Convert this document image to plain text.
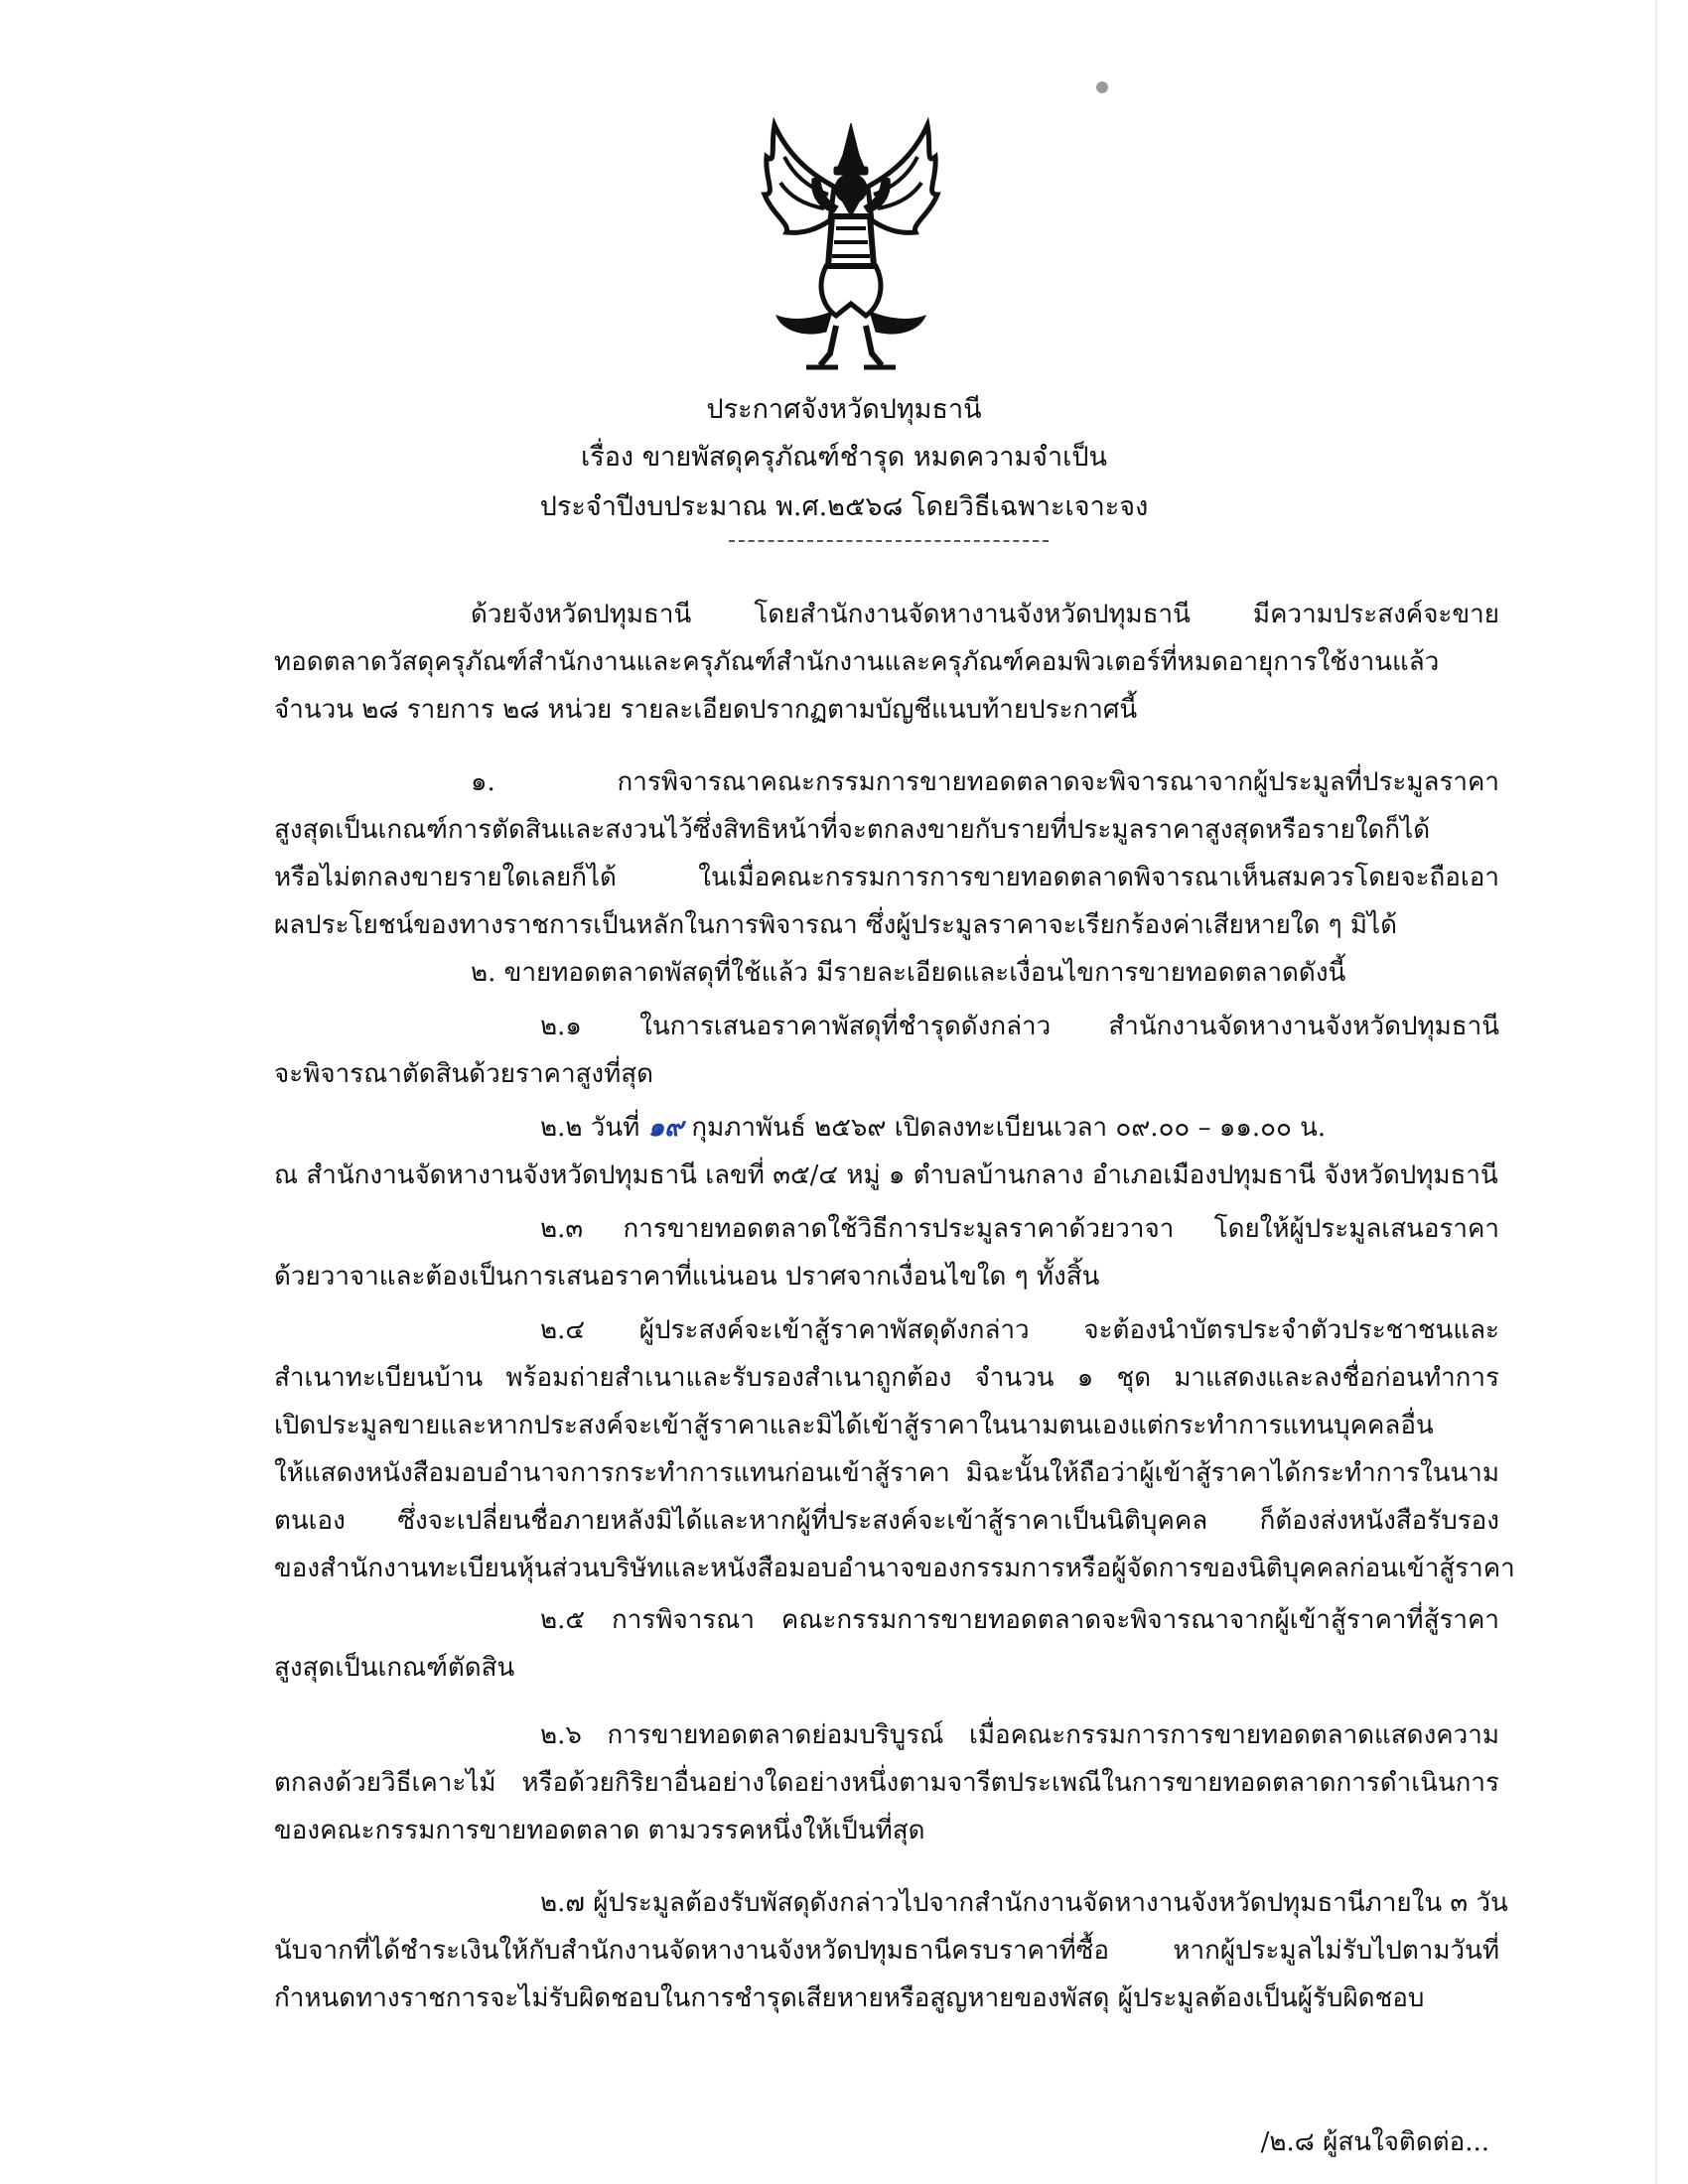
ประกาศจังหวัดปทุมธานี
เรื่อง ขายพัสดุครุภัณฑ์ชำรุด หมดความจำเป็น
ประจำปีงบประมาณ พ.ศ.๒๕๖๘ โดยวิธีเฉพาะเจาะจง
ด้วยจังหวัดปทุมธานี โดยสำนักงานจัดหางานจังหวัดปทุมธานี มีความประสงค์จะขาย
ทอดตลาดวัสดุครุภัณฑ์สำนักงานและครุภัณฑ์สำนักงานและครุภัณฑ์คอมพิวเตอร์ที่หมดอายุการใช้งานแล้ว
จำนวน ๒๘ รายการ ๒๘ หน่วย รายละเอียดปรากฏตามบัญชีแนบท้ายประกาศนี้
๑. การพิจารณาคณะกรรมการขายทอดตลาดจะพิจารณาจากผู้ประมูลที่ประมูลราคา
สูงสุดเป็นเกณฑ์การตัดสินและสงวนไว้ซึ่งสิทธิหน้าที่จะตกลงขายกับรายที่ประมูลราคาสูงสุดหรือรายใดก็ได้
หรือไม่ตกลงขายรายใดเลยก็ได้ ในเมื่อคณะกรรมการการขายทอดตลาดพิจารณาเห็นสมควรโดยจะถือเอา
ผลประโยชน์ของทางราชการเป็นหลักในการพิจารณา ซึ่งผู้ประมูลราคาจะเรียกร้องค่าเสียหายใด ๆ มิได้
๒. ขายทอดตลาดพัสดุที่ใช้แล้ว มีรายละเอียดและเงื่อนไขการขายทอดตลาดดังนี้
๒.๑ ในการเสนอราคาพัสดุที่ชำรุดดังกล่าว สำนักงานจัดหางานจังหวัดปทุมธานี
จะพิจารณาตัดสินด้วยราคาสูงที่สุด
๒.๒ วันที่ ๑๙ กุมภาพันธ์ ๒๕๖๙ เปิดลงทะเบียนเวลา ๐๙.๐๐ – ๑๑.๐๐ น.
ณ สำนักงานจัดหางานจังหวัดปทุมธานี เลขที่ ๓๕/๔ หมู่ ๑ ตำบลบ้านกลาง อำเภอเมืองปทุมธานี จังหวัดปทุมธานี
๒.๓ การขายทอดตลาดใช้วิธีการประมูลราคาด้วยวาจา โดยให้ผู้ประมูลเสนอราคา
ด้วยวาจาและต้องเป็นการเสนอราคาที่แน่นอน ปราศจากเงื่อนไขใด ๆ ทั้งสิ้น
๒.๔ ผู้ประสงค์จะเข้าสู้ราคาพัสดุดังกล่าว จะต้องนำบัตรประจำตัวประชาชนและ
สำเนาทะเบียนบ้าน พร้อมถ่ายสำเนาและรับรองสำเนาถูกต้อง จำนวน ๑ ชุด มาแสดงและลงชื่อก่อนทำการ
เปิดประมูลขายและหากประสงค์จะเข้าสู้ราคาและมิได้เข้าสู้ราคาในนามตนเองแต่กระทำการแทนบุคคลอื่น
ให้แสดงหนังสือมอบอำนาจการกระทำการแทนก่อนเข้าสู้ราคา มิฉะนั้นให้ถือว่าผู้เข้าสู้ราคาได้กระทำการในนาม
ตนเอง ซึ่งจะเปลี่ยนชื่อภายหลังมิได้และหากผู้ที่ประสงค์จะเข้าสู้ราคาเป็นนิติบุคคล ก็ต้องส่งหนังสือรับรอง
ของสำนักงานทะเบียนหุ้นส่วนบริษัทและหนังสือมอบอำนาจของกรรมการหรือผู้จัดการของนิติบุคคลก่อนเข้าสู้ราคา
๒.๕ การพิจารณา คณะกรรมการขายทอดตลาดจะพิจารณาจากผู้เข้าสู้ราคาที่สู้ราคา
สูงสุดเป็นเกณฑ์ตัดสิน
๒.๖ การขายทอดตลาดย่อมบริบูรณ์ เมื่อคณะกรรมการการขายทอดตลาดแสดงความ
ตกลงด้วยวิธีเคาะไม้ หรือด้วยกิริยาอื่นอย่างใดอย่างหนึ่งตามจารีตประเพณีในการขายทอดตลาดการดำเนินการ
ของคณะกรรมการขายทอดตลาด ตามวรรคหนึ่งให้เป็นที่สุด
๒.๗ ผู้ประมูลต้องรับพัสดุดังกล่าวไปจากสำนักงานจัดหางานจังหวัดปทุมธานีภายใน ๓ วัน
นับจากที่ได้ชำระเงินให้กับสำนักงานจัดหางานจังหวัดปทุมธานีครบราคาที่ซื้อ หากผู้ประมูลไม่รับไปตามวันที่
กำหนดทางราชการจะไม่รับผิดชอบในการชำรุดเสียหายหรือสูญหายของพัสดุ ผู้ประมูลต้องเป็นผู้รับผิดชอบ
/๒.๘ ผู้สนใจติดต่อ...
